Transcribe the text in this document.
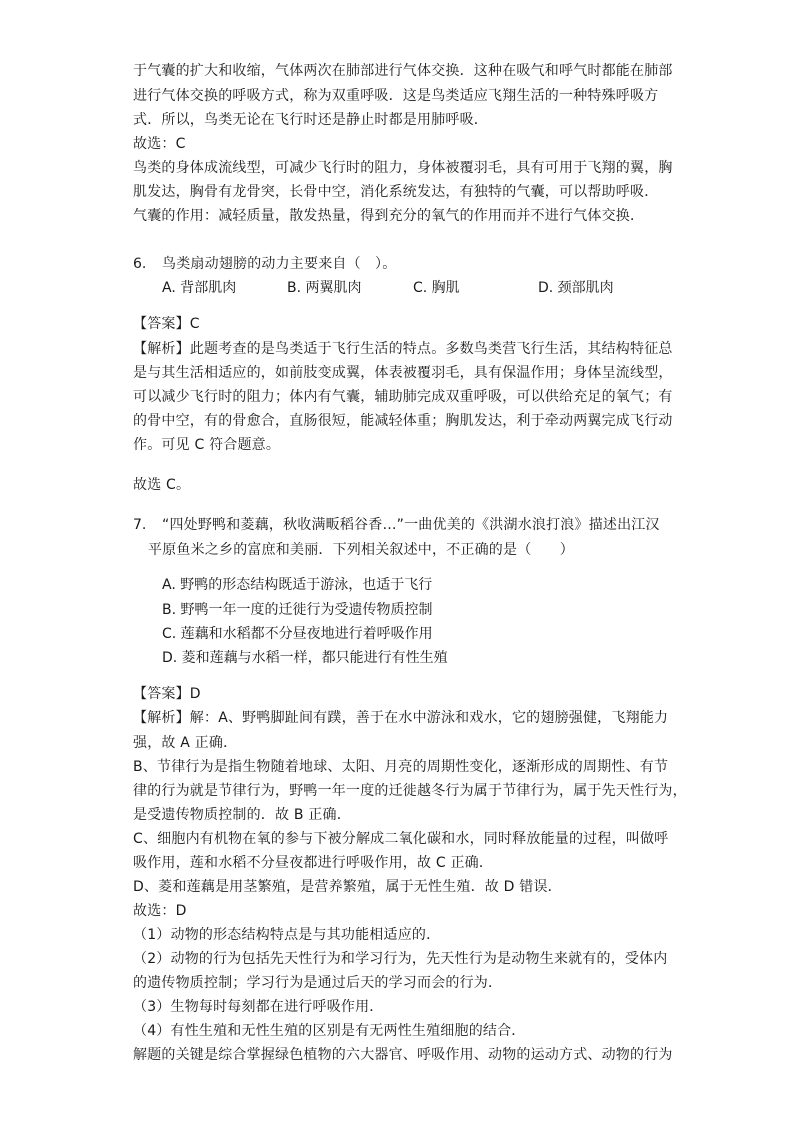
于气囊的扩大和收缩，气体两次在肺部进行气体交换．这种在吸气和呼气时都能在肺部
进行气体交换的呼吸方式，称为双重呼吸．这是鸟类适应飞翔生活的一种特殊呼吸方
式．所以，鸟类无论在飞行时还是静止时都是用肺呼吸．
故选：C
鸟类的身体成流线型，可减少飞行时的阻力，身体被覆羽毛，具有可用于飞翔的翼，胸
肌发达，胸骨有龙骨突，长骨中空，消化系统发达，有独特的气囊，可以帮助呼吸．
气囊的作用：减轻质量，散发热量，得到充分的氧气的作用而并不进行气体交换．
6. 鸟类扇动翅膀的动力主要来自（　）。
A. 背部肌肉	B. 两翼肌肉	C. 胸肌	D. 颈部肌肉
【答案】C
【解析】此题考查的是鸟类适于飞行生活的特点。多数鸟类营飞行生活，其结构特征总
是与其生活相适应的，如前肢变成翼，体表被覆羽毛，具有保温作用；身体呈流线型，
可以减少飞行时的阻力；体内有气囊，辅助肺完成双重呼吸，可以供给充足的氧气；有
的骨中空，有的骨愈合，直肠很短，能减轻体重；胸肌发达，利于牵动两翼完成飞行动
作。可见 C 符合题意。
故选 C。
7. “四处野鸭和菱藕，秋收满畈稻谷香…”一曲优美的《洪湖水浪打浪》描述出江汉
平原鱼米之乡的富庶和美丽．下列相关叙述中，不正确的是（　　）
A. 野鸭的形态结构既适于游泳，也适于飞行
B. 野鸭一年一度的迁徙行为受遗传物质控制
C. 莲藕和水稻都不分昼夜地进行着呼吸作用
D. 菱和莲藕与水稻一样，都只能进行有性生殖
【答案】D
【解析】解：A、野鸭脚趾间有蹼，善于在水中游泳和戏水，它的翅膀强健，飞翔能力
强，故 A 正确．
B、节律行为是指生物随着地球、太阳、月亮的周期性变化，逐渐形成的周期性、有节
律的行为就是节律行为，野鸭一年一度的迁徙越冬行为属于节律行为，属于先天性行为，
是受遗传物质控制的．故 B 正确．
C、细胞内有机物在氧的参与下被分解成二氧化碳和水，同时释放能量的过程，叫做呼
吸作用，莲和水稻不分昼夜都进行呼吸作用，故 C 正确．
D、菱和莲藕是用茎繁殖，是营养繁殖，属于无性生殖．故 D 错误．
故选：D
（1）动物的形态结构特点是与其功能相适应的．
（2）动物的行为包括先天性行为和学习行为，先天性行为是动物生来就有的，受体内
的遗传物质控制；学习行为是通过后天的学习而会的行为．
（3）生物每时每刻都在进行呼吸作用．
（4）有性生殖和无性生殖的区别是有无两性生殖细胞的结合．
解题的关键是综合掌握绿色植物的六大器官、呼吸作用、动物的运动方式、动物的行为
